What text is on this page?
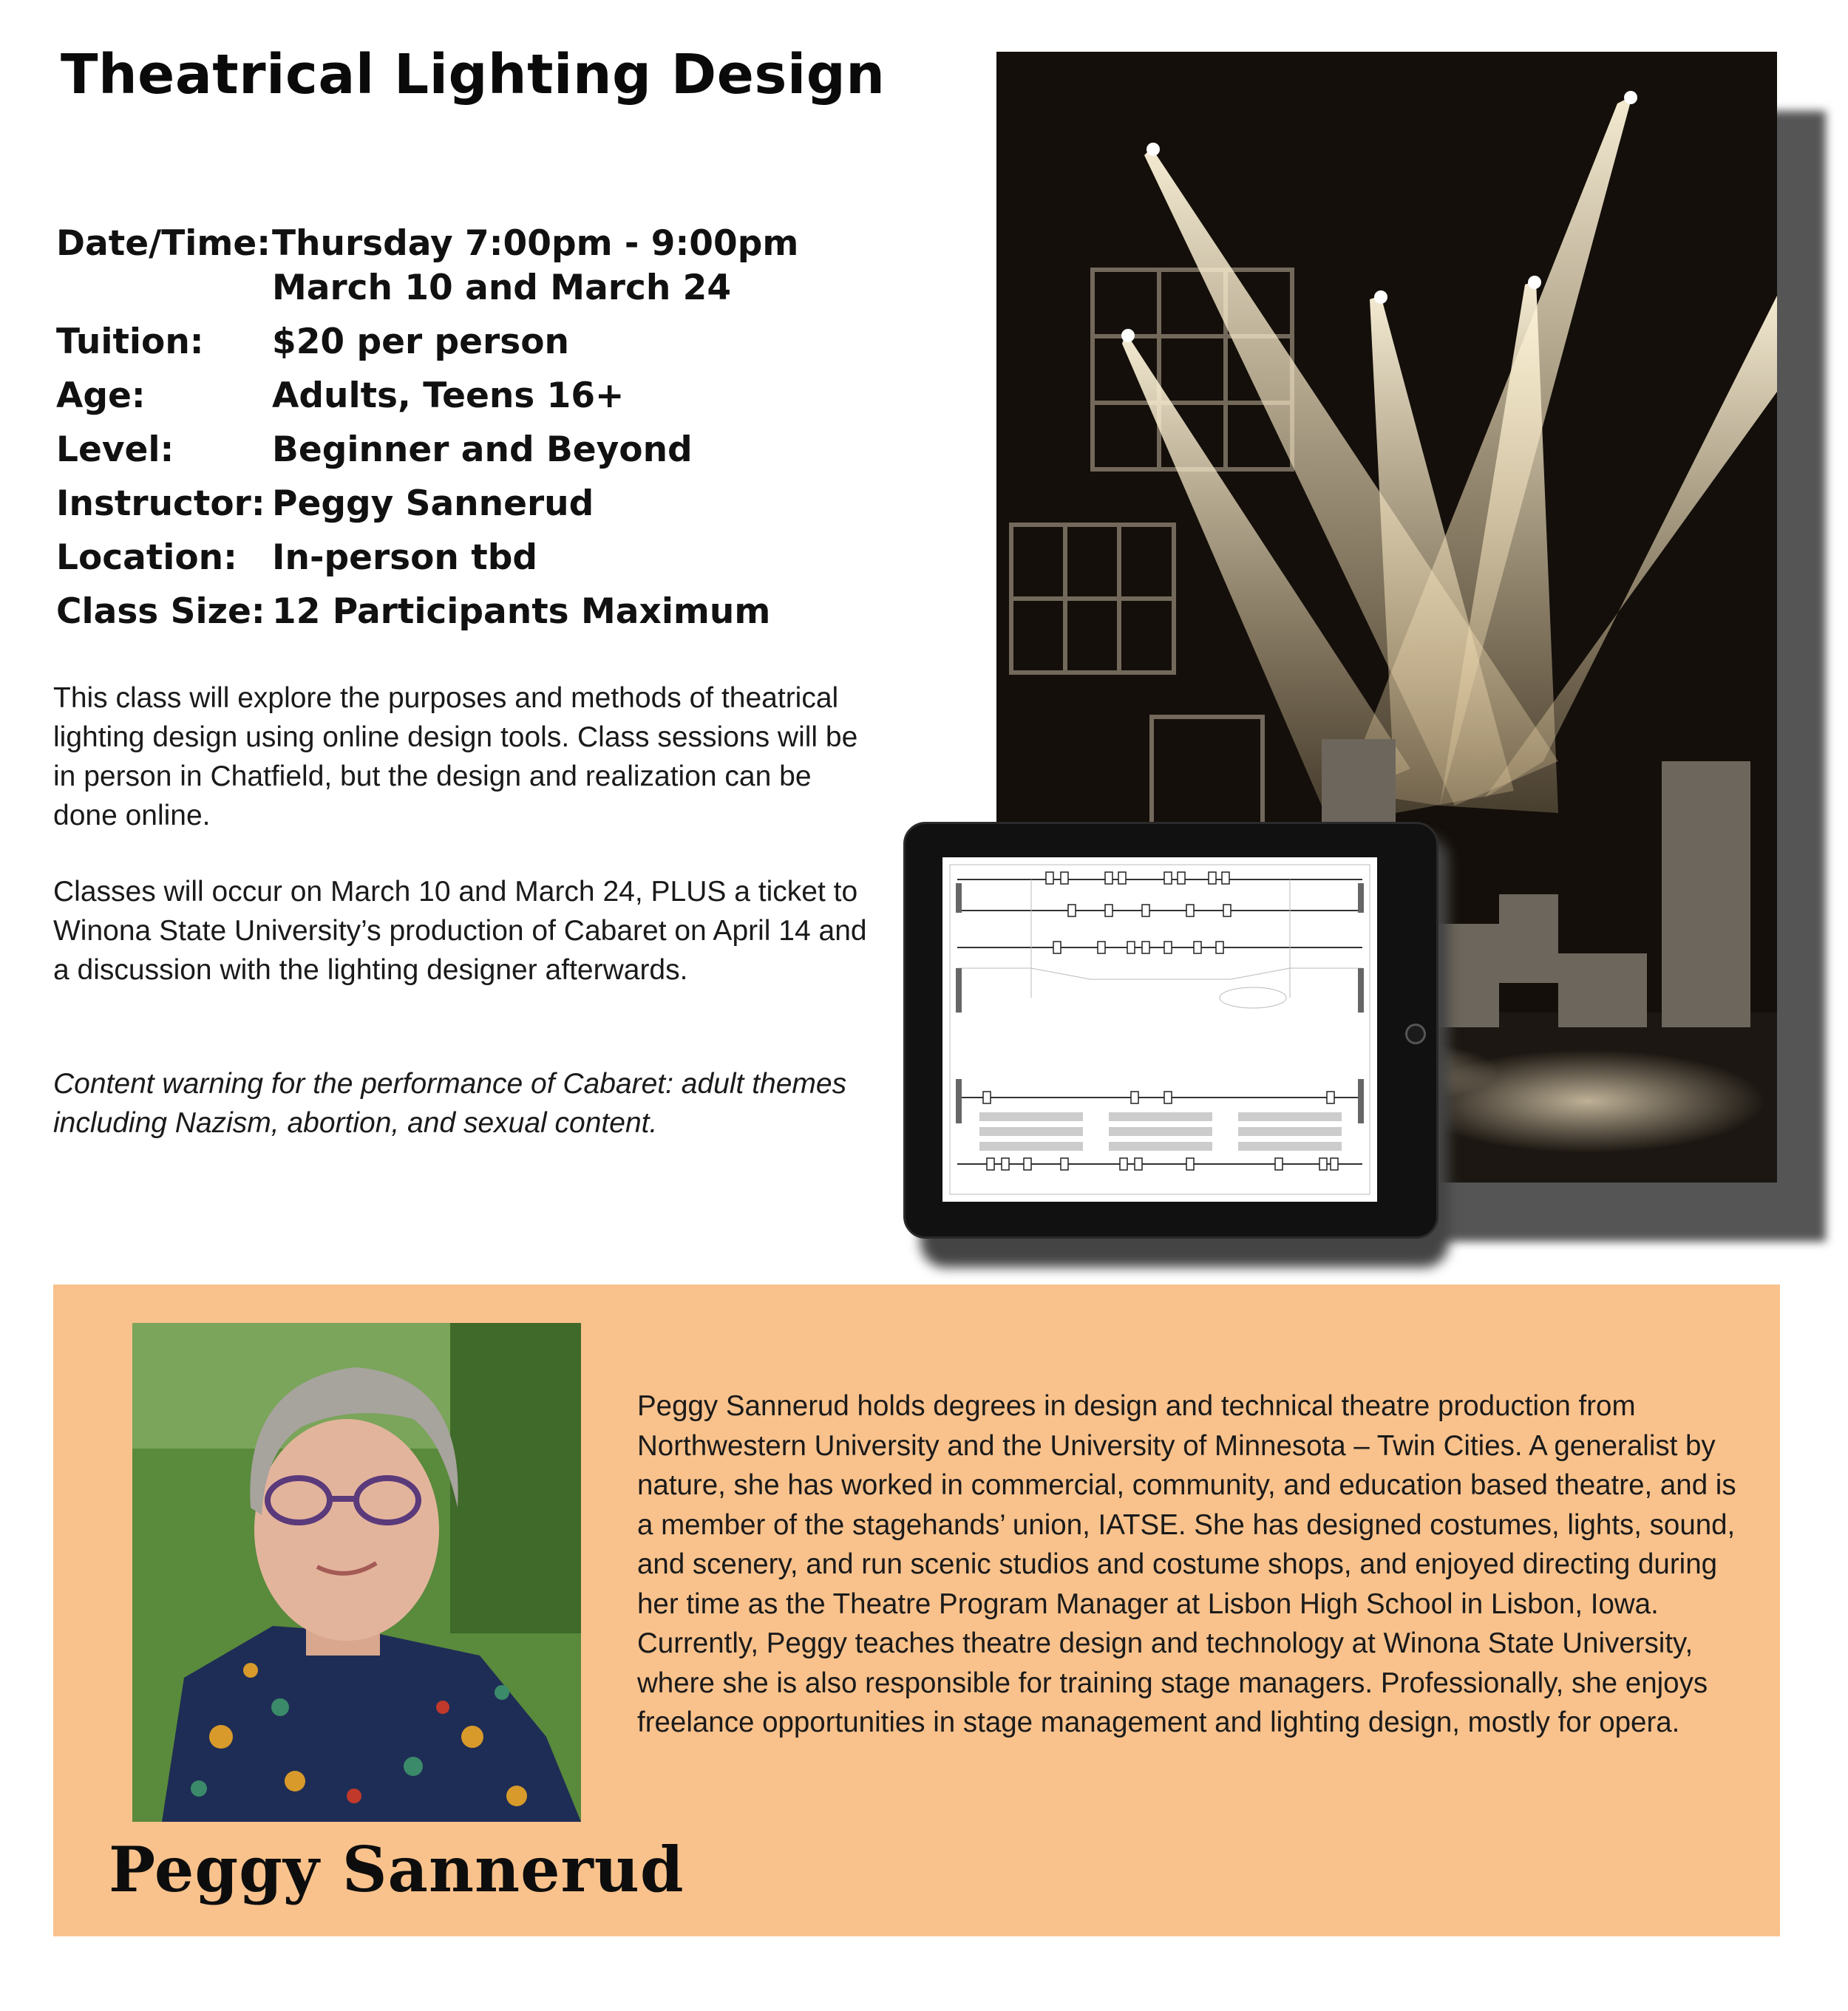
Theatrical Lighting Design
Date/Time: Thursday 7:00pm - 9:00pm
March 10 and March 24
Tuition:	$20 per person
Age:	Adults, Teens 16+
Level:	Beginner and Beyond
Instructor: Peggy Sannerud
Location:	In-person tbd
Class Size: 12 Participants Maximum

This class will explore the purposes and methods of theatrical lighting design using online design tools. Class sessions will be in person in Chatfield, but the design and realization can be done online.

Classes will occur on March 10 and March 24, PLUS a ticket to Winona State University’s production of Cabaret on April 14 and a discussion with the lighting designer afterwards.

Content warning for the performance of Cabaret: adult themes including Nazism, abortion, and sexual content.

Peggy Sannerud

Peggy Sannerud holds degrees in design and technical theatre production from Northwestern University and the University of Minnesota – Twin Cities. A generalist by nature, she has worked in commercial, community, and education based theatre, and is a member of the stagehands’ union, IATSE. She has designed costumes, lights, sound, and scenery, and run scenic studios and costume shops, and enjoyed directing during her time as the Theatre Program Manager at Lisbon High School in Lisbon, Iowa. Currently, Peggy teaches theatre design and technology at Winona State University, where she is also responsible for training stage managers. Professionally, she enjoys freelance opportunities in stage management and lighting design, mostly for opera.
